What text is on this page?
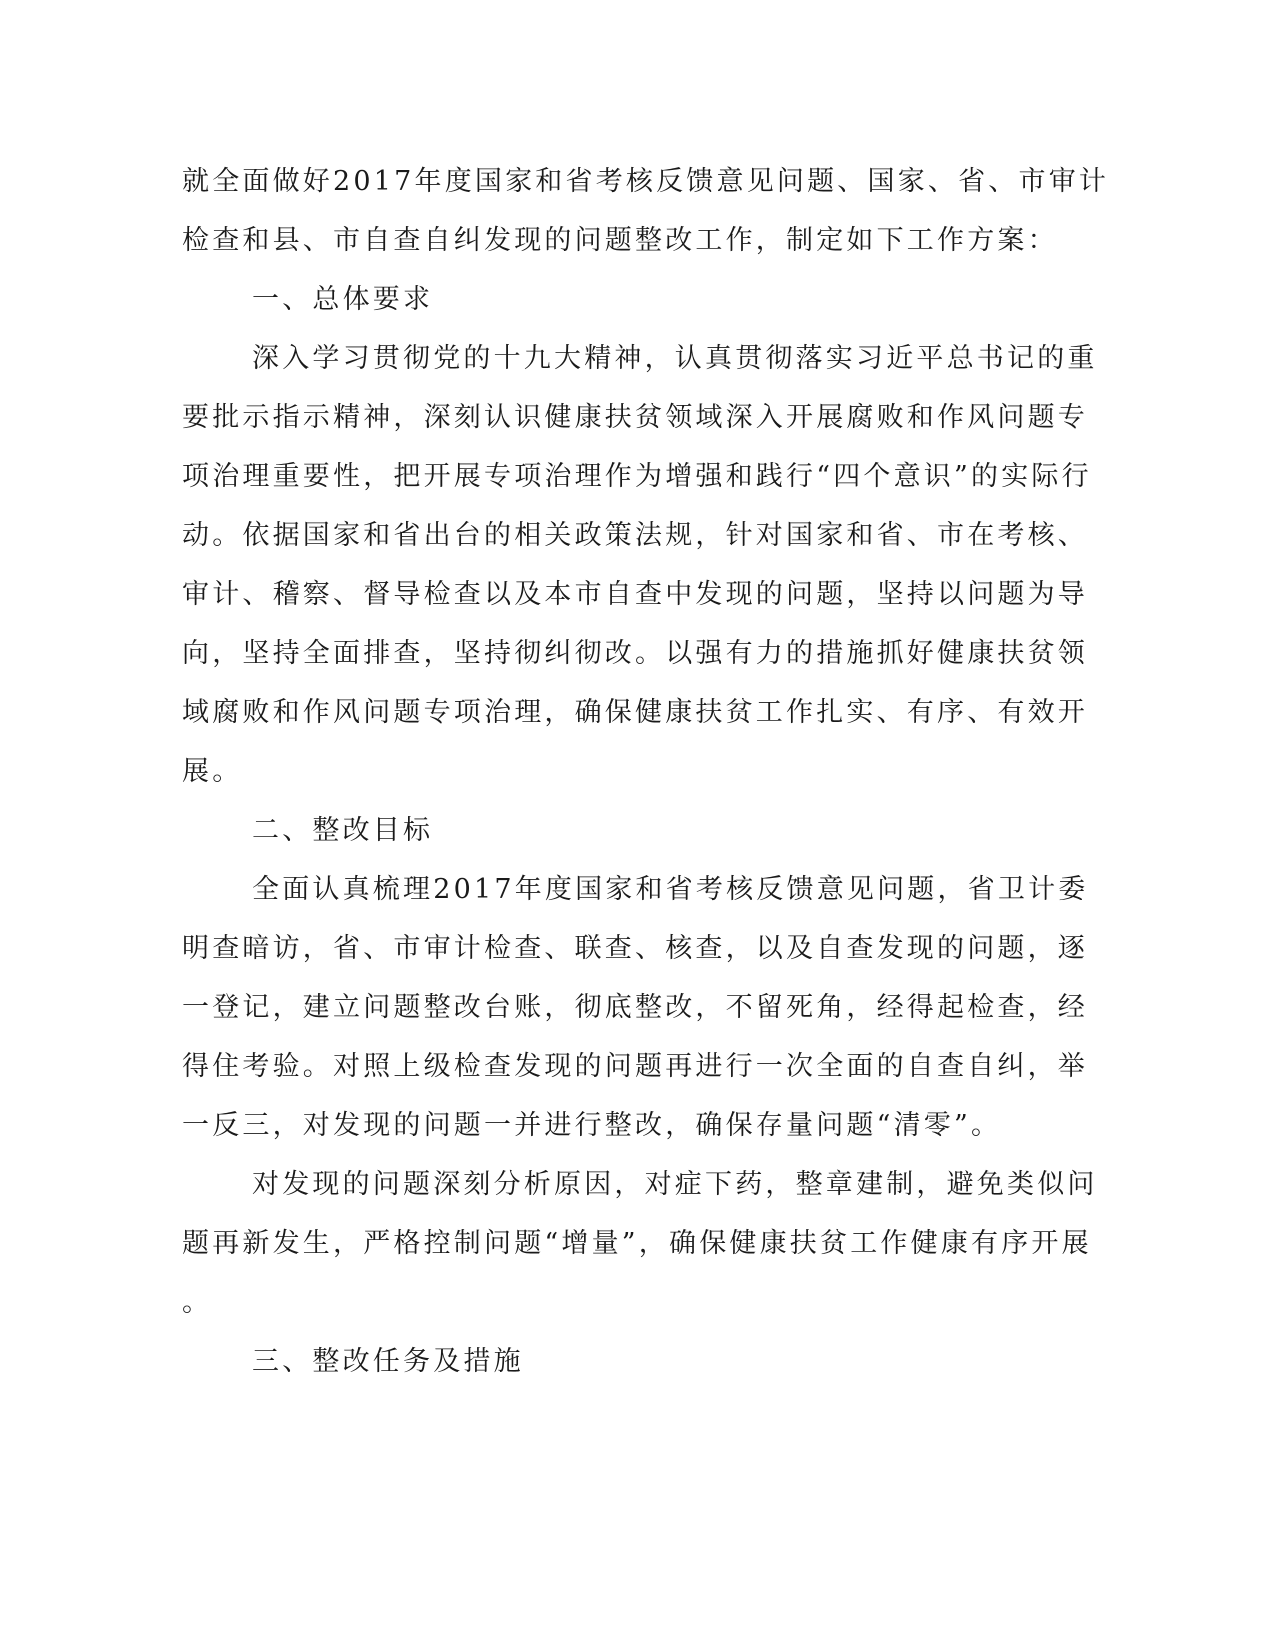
就全面做好2017年度国家和省考核反馈意见问题、国家、省、市审计
检查和县、市自查自纠发现的问题整改工作，制定如下工作方案：
一、总体要求
深入学习贯彻党的十九大精神，认真贯彻落实习近平总书记的重
要批示指示精神，深刻认识健康扶贫领域深入开展腐败和作风问题专
项治理重要性，把开展专项治理作为增强和践行“四个意识”的实际行
动。依据国家和省出台的相关政策法规，针对国家和省、市在考核、
审计、稽察、督导检查以及本市自查中发现的问题，坚持以问题为导
向，坚持全面排查，坚持彻纠彻改。以强有力的措施抓好健康扶贫领
域腐败和作风问题专项治理，确保健康扶贫工作扎实、有序、有效开
展。
二、整改目标
全面认真梳理2017年度国家和省考核反馈意见问题，省卫计委
明查暗访，省、市审计检查、联查、核查，以及自查发现的问题，逐
一登记，建立问题整改台账，彻底整改，不留死角，经得起检查，经
得住考验。对照上级检查发现的问题再进行一次全面的自查自纠，举
一反三，对发现的问题一并进行整改，确保存量问题“清零”。
对发现的问题深刻分析原因，对症下药，整章建制，避免类似问
题再新发生，严格控制问题“增量”，确保健康扶贫工作健康有序开展
。
三、整改任务及措施
